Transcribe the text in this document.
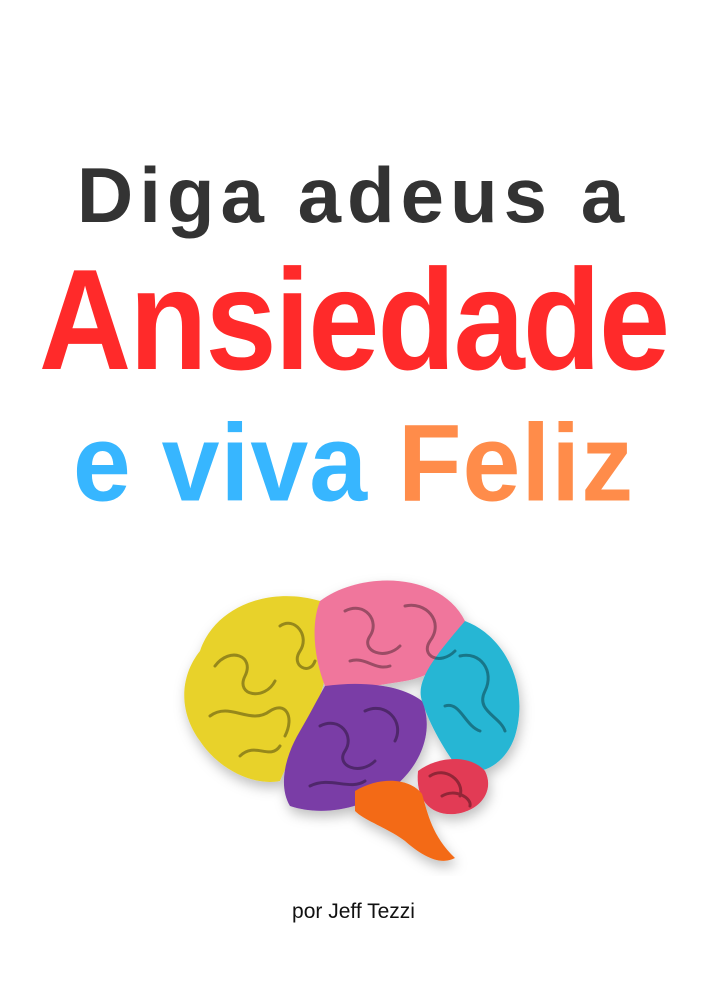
Diga adeus a
Ansiedade
e viva Feliz
por Jeff Tezzi
